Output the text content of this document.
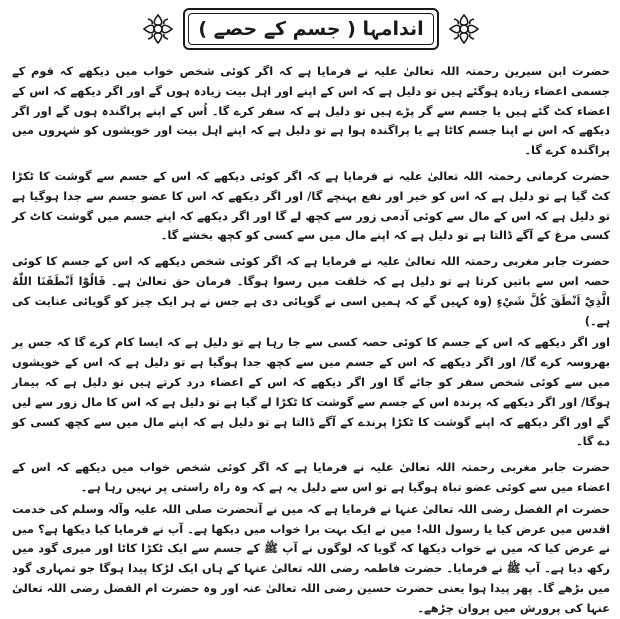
اندامہا ( جسم کے حصے )

حضرت ابن سیرین رحمتہ اللہ تعالیٰ علیہ نے فرمایا ہے کہ اگر کوئی شخص خواب میں دیکھے کہ قوم کے جسمی اعضاء زیادہ ہوگئے ہیں تو دلیل ہے کہ اس کے اپنے اور اہل بیت زیادہ ہوں گے اور اگر دیکھے کہ اس کے اعضاء کٹ گئے ہیں یا جسم سے گر پڑے ہیں تو دلیل ہے کہ سفر کرے گا۔ اُس کے اپنے پراگندہ ہوں گے اور اگر دیکھے کہ اس نے اپنا جسم کاٹا ہے یا پراگندہ ہوا ہے تو دلیل ہے کہ اپنے اہل بیت اور خویشوں کو شہروں میں پراگندہ کرے گا۔

حضرت کرمانی رحمتہ اللہ تعالیٰ علیہ نے فرمایا ہے کہ اگر کوئی دیکھے کہ اس کے جسم سے گوشت کا ٹکڑا کٹ گیا ہے تو دلیل ہے کہ اس کو خیر اور نفع پہنچے گا/ اور اگر دیکھے کہ اس کا عضو جسم سے جدا ہوگیا ہے تو دلیل ہے کہ اس کے مال سے کوئی آدمی زور سے کچھ لے گا اور اگر دیکھے کہ اپنے جسم میں گوشت کاٹ کر کسی مرغ کے آگے ڈالتا ہے تو دلیل ہے کہ اپنے مال میں سے کسی کو کچھ بخشے گا۔

حضرت جابر مغربی رحمتہ اللہ تعالیٰ علیہ نے فرمایا ہے کہ اگر کوئی شخص دیکھے کہ اس کے جسم کا کوئی حصہ اس سے باتیں کرتا ہے تو دلیل ہے کہ خلقت میں رسوا ہوگا۔ فرمان حق تعالیٰ ہے۔ قَالُوْٓا اَنْطَقَنَا اللّٰهُ الَّذِيْٓ اَنْطَقَ كُلَّ شَيْءٍ (وہ کہیں گے کہ ہمیں اسی نے گویائی دی ہے جس نے ہر ایک چیز کو گویائی عنایت کی ہے۔)

اور اگر دیکھے کہ اس کے جسم کا کوئی حصہ کسی سے جا رہا ہے تو دلیل ہے کہ ایسا کام کرے گا کہ جس پر بھروسہ کرے گا/ اور اگر دیکھے کہ اس کے جسم میں سے کچھ جدا ہوگیا ہے تو دلیل ہے کہ اس کے خویشوں میں سے کوئی شخص سفر کو جائے گا اور اگر دیکھے کہ اس کے اعضاء درد کرتے ہیں تو دلیل ہے کہ بیمار ہوگا/ اور اگر دیکھے کہ پرندہ اس کے جسم سے گوشت کا ٹکڑا لے گیا ہے تو دلیل ہے کہ اس کا مال زور سے لیں گے اور اگر دیکھے کہ اپنے گوشت کا ٹکڑا پرندے کے آگے ڈالتا ہے تو دلیل ہے کہ اپنے مال میں سے کچھ کسی کو دے گا۔

حضرت جابر مغربی رحمتہ اللہ تعالیٰ علیہ نے فرمایا ہے کہ اگر کوئی شخص خواب میں دیکھے کہ اس کے اعضاء میں سے کوئی عضو تباہ ہوگیا ہے تو اس سے دلیل یہ ہے کہ وہ راہ راستی پر نہیں رہا ہے۔

حضرت ام الفضل رضی اللہ تعالیٰ عنہا نے فرمایا ہے کہ میں نے آنحضرت صلی اللہ علیہ وآلہ وسلم کی خدمت اقدس میں عرض کیا یا رسول اللہ! میں نے ایک بہت برا خواب میں دیکھا ہے۔ آپ نے فرمایا کیا دیکھا ہے؟ میں نے عرض کیا کہ میں نے خواب دیکھا کہ گویا کہ لوگوں نے آپ ﷺ کے جسم سے ایک ٹکڑا کاٹا اور میری گود میں رکھ دیا ہے۔ آپ ﷺ نے فرمایا۔ حضرت فاطمہ رضی اللہ تعالیٰ عنہا کے ہاں ایک لڑکا پیدا ہوگا جو تمہاری گود میں بڑھے گا۔ پھر پیدا ہوا یعنی حضرت حسین رضی اللہ تعالیٰ عنہ اور وہ حضرت ام الفضل رضی اللہ تعالیٰ عنہا کی پرورش میں پروان چڑھے۔
